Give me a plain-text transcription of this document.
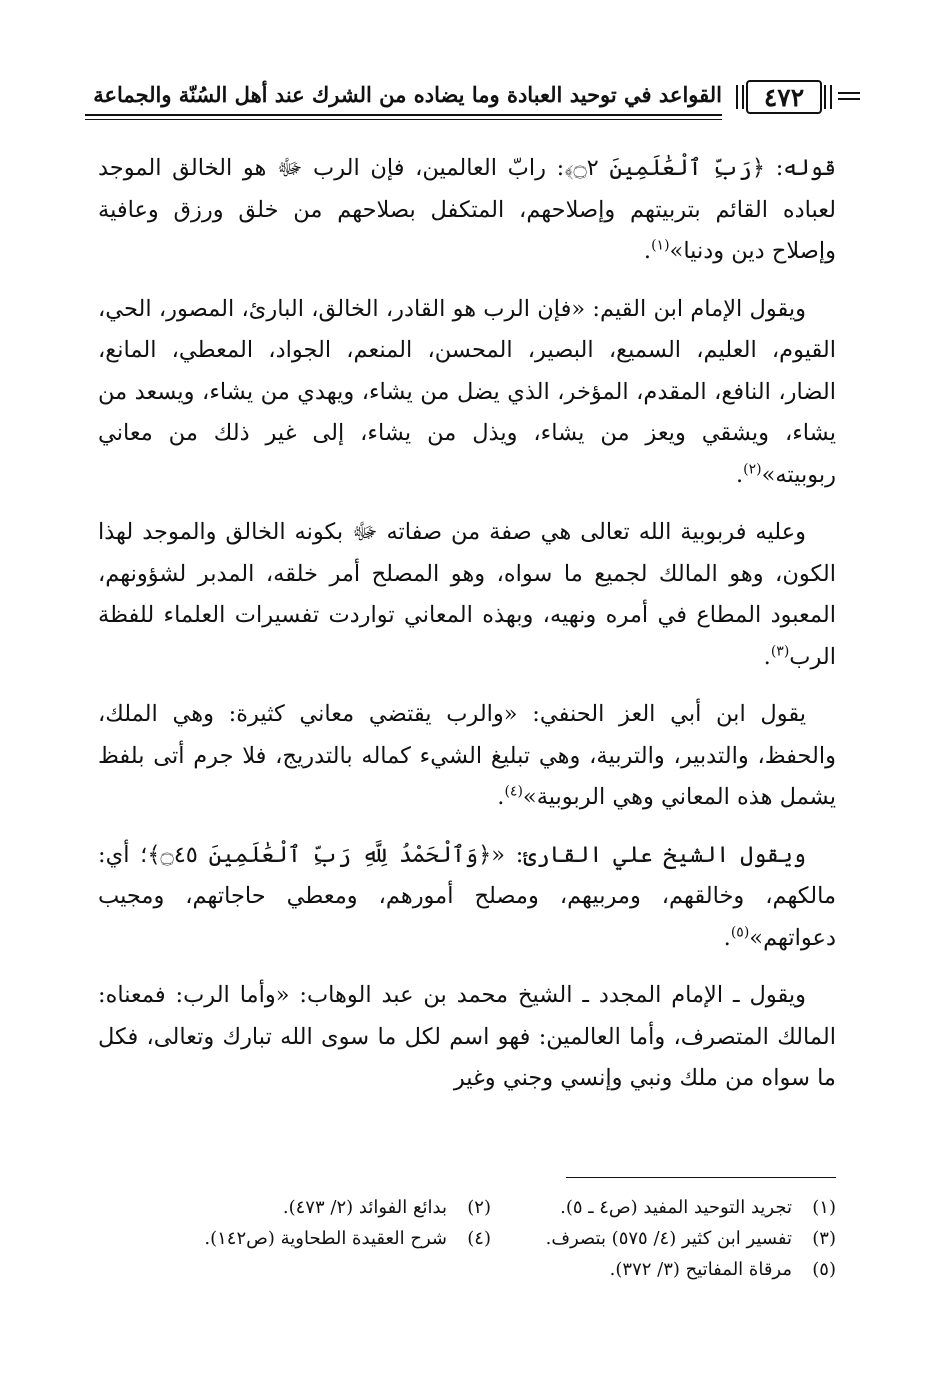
٤٧٢
القواعد في توحيد العبادة وما يضاده من الشرك عند أهل السُنّة والجماعة

قوله: ﴿رَبِّ ٱلْعَٰلَمِينَ ۝٢﴾: رابّ العالمين، فإن الرب ﷻ هو الخالق الموجد لعباده القائم بتربيتهم وإصلاحهم، المتكفل بصلاحهم من خلق ورزق وعافية وإصلاح دين ودنيا»$^{(١)}$.

ويقول الإمام ابن القيم: «فإن الرب هو القادر، الخالق، البارئ، المصور، الحي، القيوم، العليم، السميع، البصير، المحسن، المنعم، الجواد، المعطي، المانع، الضار، النافع، المقدم، المؤخر، الذي يضل من يشاء، ويهدي من يشاء، ويسعد من يشاء، ويشقي ويعز من يشاء، ويذل من يشاء، إلى غير ذلك من معاني ربوبيته»$^{(٢)}$.

وعليه فربوبية الله تعالى هي صفة من صفاته ﷻ بكونه الخالق والموجد لهذا الكون، وهو المالك لجميع ما سواه، وهو المصلح أمر خلقه، المدبر لشؤونهم، المعبود المطاع في أمره ونهيه، وبهذه المعاني تواردت تفسيرات العلماء للفظة الرب$^{(٣)}$.

يقول ابن أبي العز الحنفي: «والرب يقتضي معاني كثيرة: وهي الملك، والحفظ، والتدبير، والتربية، وهي تبليغ الشيء كماله بالتدريج، فلا جرم أتى بلفظ يشمل هذه المعاني وهي الربوبية»$^{(٤)}$.

ويقول الشيخ علي القارئ: «﴿وَٱلْحَمْدُ لِلَّهِ رَبِّ ٱلْعَٰلَمِينَ ۝٤٥﴾؛ أي: مالكهم، وخالقهم، ومربيهم، ومصلح أمورهم، ومعطي حاجاتهم، ومجيب دعواتهم»$^{(٥)}$.

ويقول ـ الإمام المجدد ـ الشيخ محمد بن عبد الوهاب: «وأما الرب: فمعناه: المالك المتصرف، وأما العالمين: فهو اسم لكل ما سوى الله تبارك وتعالى، فكل ما سواه من ملك ونبي وإنسي وجني وغير

(١)تجريد التوحيد المفيد (ص٤ ـ ٥).
(٢)بدائع الفوائد (٢/ ٤٧٣).
(٣)تفسير ابن كثير (٤/ ٥٧٥) بتصرف.
(٤)شرح العقيدة الطحاوية (ص١٤٢).
(٥)مرقاة المفاتيح (٣/ ٣٧٢).
